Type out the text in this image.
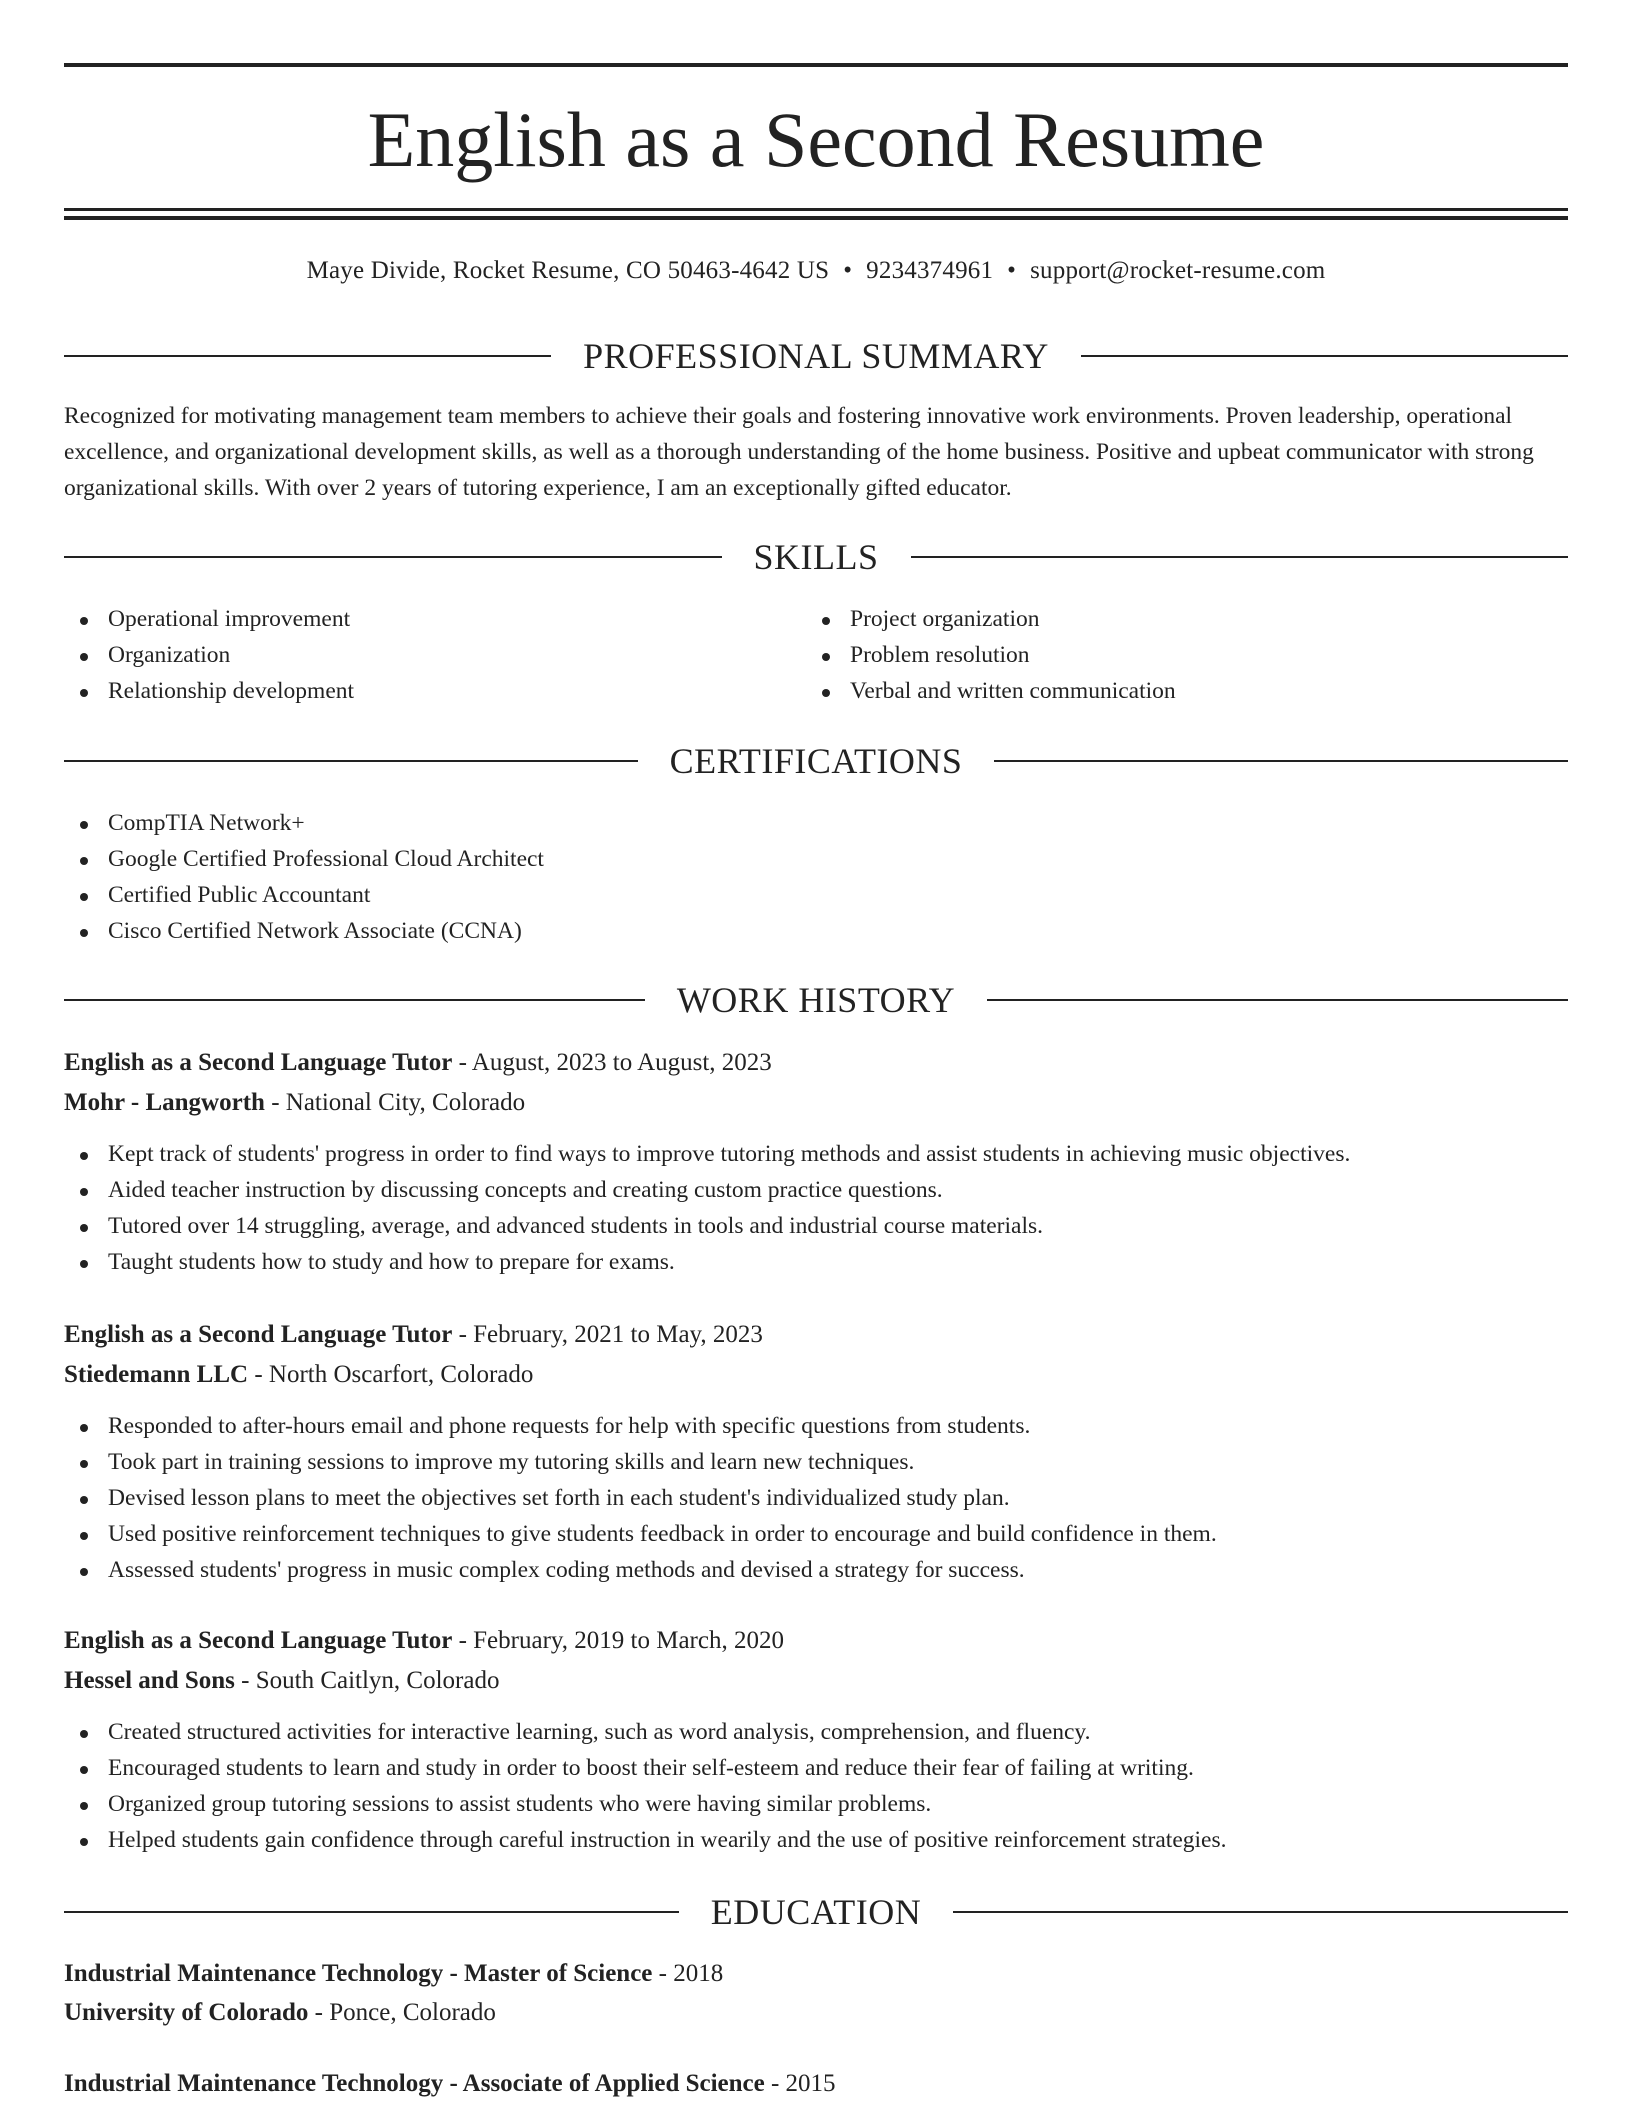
English as a Second Resume
Maye Divide, Rocket Resume, CO 50463-4642 US • 9234374961 • support@rocket-resume.com
PROFESSIONAL SUMMARY

Recognized for motivating management team members to achieve their goals and fostering innovative work environments. Proven leadership, operational excellence, and organizational development skills, as well as a thorough understanding of the home business. Positive and upbeat communicator with strong organizational skills. With over 2 years of tutoring experience, I am an exceptionally gifted educator.

SKILLS
Operational improvement
Organization
Relationship development
Project organization
Problem resolution
Verbal and written communication
CERTIFICATIONS
CompTIA Network+
Google Certified Professional Cloud Architect
Certified Public Accountant
Cisco Certified Network Associate (CCNA)
WORK HISTORY
English as a Second Language Tutor - August, 2023 to August, 2023
Mohr - Langworth - National City, Colorado
Kept track of students' progress in order to find ways to improve tutoring methods and assist students in achieving music objectives.
Aided teacher instruction by discussing concepts and creating custom practice questions.
Tutored over 14 struggling, average, and advanced students in tools and industrial course materials.
Taught students how to study and how to prepare for exams.
English as a Second Language Tutor - February, 2021 to May, 2023
Stiedemann LLC - North Oscarfort, Colorado
Responded to after-hours email and phone requests for help with specific questions from students.
Took part in training sessions to improve my tutoring skills and learn new techniques.
Devised lesson plans to meet the objectives set forth in each student's individualized study plan.
Used positive reinforcement techniques to give students feedback in order to encourage and build confidence in them.
Assessed students' progress in music complex coding methods and devised a strategy for success.
English as a Second Language Tutor - February, 2019 to March, 2020
Hessel and Sons - South Caitlyn, Colorado
Created structured activities for interactive learning, such as word analysis, comprehension, and fluency.
Encouraged students to learn and study in order to boost their self-esteem and reduce their fear of failing at writing.
Organized group tutoring sessions to assist students who were having similar problems.
Helped students gain confidence through careful instruction in wearily and the use of positive reinforcement strategies.
EDUCATION
Industrial Maintenance Technology - Master of Science - 2018
University of Colorado - Ponce, Colorado
Industrial Maintenance Technology - Associate of Applied Science - 2015
